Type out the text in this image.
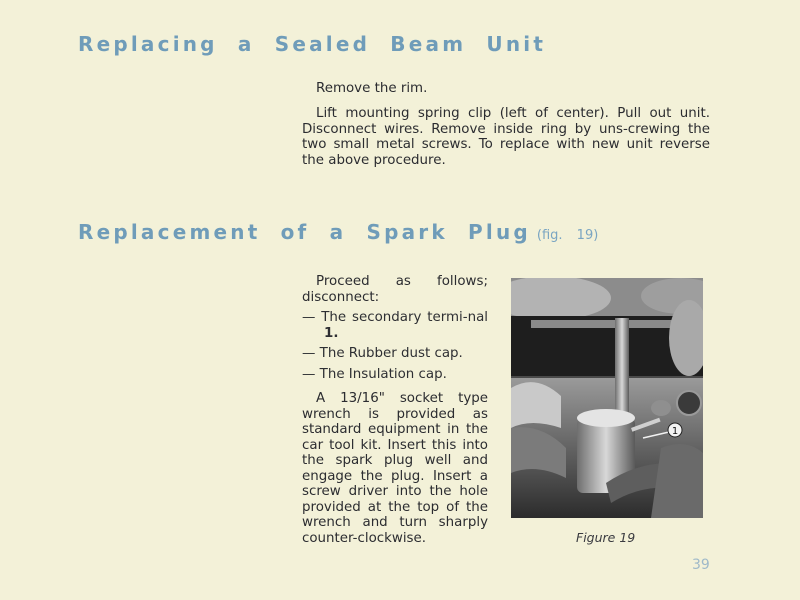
Replacing a Sealed Beam Unit

Remove the rim.

Lift mounting spring clip (left of center). Pull out unit. Disconnect wires. Remove inside ring by uns-crewing the two small metal screws. To replace with new unit reverse the above procedure.

Replacement of a Spark Plug (fig. 19)

Proceed as follows; disconnect:

— The secondary termi-nal 1.

— The Rubber dust cap.

— The Insulation cap.

A 13/16" socket type wrench is provided as standard equipment in the car tool kit. Insert this into the spark plug well and engage the plug. Insert a screw driver into the hole provided at the top of the wrench and turn sharply counter-clockwise.

1

Figure 19

39
